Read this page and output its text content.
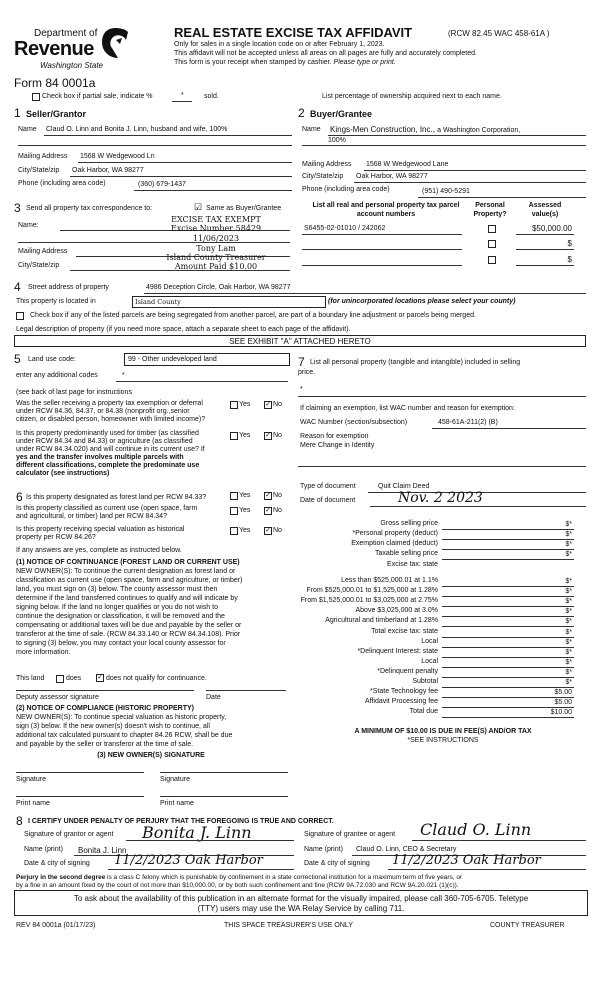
Department of
Revenue
Washington State
Form 84 0001a
REAL ESTATE EXCISE TAX AFFIDAVIT	(RCW 82.45 WAC 458-61A )
Only for sales in a single location code on or after February 1, 2023.
This affidavit will not be accepted unless all areas on all pages are fully and accurately completed.
This form is your receipt when stamped by cashier. Please type or print.
Check box if partial sale, indicate %	*	sold.	List percentage of ownership acquired next to each name.
1 Seller/Grantor
Name Claud O. Linn and Bonita J. Linn, husband and wife, 100%
Mailing Address 1568 W Wedgewood Ln
City/State/zip Oak Harbor, WA 98277
Phone (including area code)	(360) 679-1437
2 Buyer/Grantee
Name Kings-Men Construction, Inc., a Washington Corporation,
100%
Mailing Address 1568 W Wedgewood Lane
City/State/zip Oak Harbor, WA 98277
Phone (including area code)	(951) 490-5291
3 Send all property tax correspondence to:	☑ Same as Buyer/Grantee
Name:
Mailing Address
City/State/zip
EXCISE TAX EXEMPT
Excise Number 58429
11/06/2023
Tony Lam
Island County Treasurer
Amount Paid $10.00
List all real and personal property tax parcel account numbers
Personal Property?
Assessed value(s)
S6455-02-01010 / 242062	$50,000.00
$
$
4 Street address of property	4986 Deception Circle, Oak Harbor, WA 98277
This property is located in	Island County	(for unincorporated locations please select your county)
Check box if any of the listed parcels are being segregated from another parcel, are part of a boundary line adjustment or parcels being merged.
Legal description of property (if you need more space, attach a separate sheet to each page of the affidavit).
SEE EXHIBIT "A" ATTACHED HERETO
5 Land use code:	99 - Other undeveloped land
enter any additional codes	*
(see back of last page for instructions
Was the seller receiving a property tax exemption or deferral
under RCW 84.36, 84.37, or 84.38 (nonprofit org.,senior
citizen, or disabled person, homeowner with limited income)?
Yes ✓ No
Is this property predominantly used for timber (as classified
under RCW 84.34 and 84.33) or agriculture (as classified
under RCW 84.34.020) and will continue in its current use? If
yes and the transfer involves multiple parcels with
different classifications, complete the predominate use
calculator (see instructions)
Yes ✓ No
6 Is this property designated as forest land per RCW 84.33?	Yes ✓ No
Is this property classified as current use (open space, farm
and agricultural, or timber) land per RCW 84.34?
Yes ✓ No
Is this property receiving special valuation as historical
property per RCW 84.26?
Yes ✓ No
If any answers are yes, complete as instructed below.
(1) NOTICE OF CONTINUANCE (FOREST LAND OR CURRENT USE)
NEW OWNER(S): To continue the current designation as forest land or
classification as current use (open space, farm and agriculture, or timber)
land, you must sign on (3) below. The county assessor must then
determine if the land transferred continues to qualify and will indicate by
signing below. If the land no longer qualifies or you do not wish to
continue the designation or classification, it will be removed and the
compensating or additional taxes will be due and payable by the seller or
transferor at the time of sale. (RCW 84.33.140 or RCW 84.34.108). Prior
to signing (3) below, you may contact your local county assessor for
more information.
This land	does ✓ does not qualify for continuance.
Deputy assessor signature	Date
(2) NOTICE OF COMPLIANCE (HISTORIC PROPERTY)
NEW OWNER(S): To continue special valuation as historic property,
sign (3) below. If the new owner(s) doesn't wish to continue, all
additional tax calculated pursuant to chapter 84.26 RCW, shall be due
and payable by the seller or transferor at the time of sale.
(3) NEW OWNER(S) SIGNATURE
Signature	Signature
Print name	Print name
7 List all personal property (tangible and intangible) included in selling
price.
*
If claiming an exemption, list WAC number and reason for exemption:
WAC Number (section/subsection)	458-61A-211(2) (B)
Reason for exemption
Mere Change in Identity
Type of document	Quit Claim Deed
Date of document	Nov. 2 2023
Gross selling price	$*
*Personal property (deduct)	$*
Exemption claimed (deduct)	$*
Taxable selling price	$*
Excise tax: state
Less than $525,000.01 at 1.1%	$*
From $525,000.01 to $1,525,000 at 1.28%	$*
From $1,525,000.01 to $3,025,000 at 2.75%	$*
Above $3,025,000 at 3.0%	$*
Agricultural and timberland at 1.28%	$*
Total excise tax: state	$*
Local	$*
*Delinquent Interest: state	$*
Local	$*
*Delinquent penalty	$*
Subtotal	$*
*State Technology fee	$5.00
Affidavit Processing fee	$5.00
Total due	$10.00
A MINIMUM OF $10.00 IS DUE IN FEE(S) AND/OR TAX
*SEE INSTRUCTIONS
8 I CERTIFY UNDER PENALTY OF PERJURY THAT THE FOREGOING IS TRUE AND CORRECT.
Signature of grantor or agent Bonita J. Linn
Name (print) Bonita J. Linn
Date & city of signing 11/2/2023 Oak Harbor
Signature of grantee or agent Claud O. Linn
Name (print) Claud O. Linn, CEO & Secretary
Date & city of signing 11/2/2023 Oak Harbor
Perjury in the second degree is a class C felony which is punishable by confinement in a state correctional institution for a maximum term of five years, or
by a fine in an amount fixed by the court of not more than $10,000.00, or by both such confinement and fine (RCW 9A.72.030 and RCW 9A.20.021 (1)(c)).
To ask about the availability of this publication in an alternate format for the visually impaired, please call 360-705-6705. Teletype
(TTY) users may use the WA Relay Service by calling 711.
REV 84 0001a (01/17/23)	THIS SPACE TREASURER'S USE ONLY	COUNTY TREASURER
